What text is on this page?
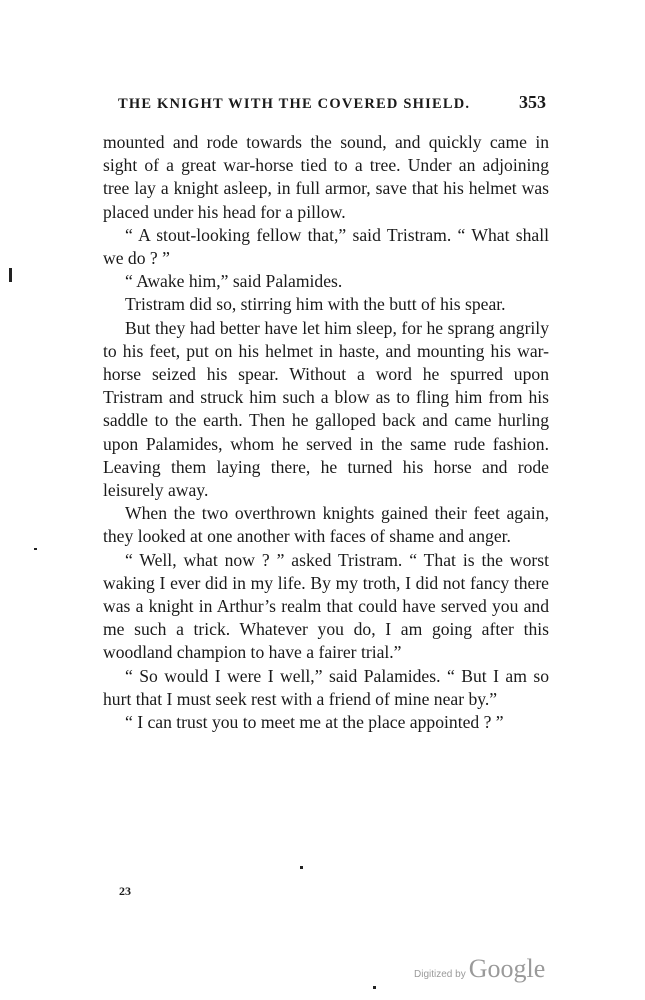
THE KNIGHT WITH THE COVERED SHIELD.	353

mounted and rode towards the sound, and quickly came in sight of a great war-horse tied to a tree. Under an adjoining tree lay a knight asleep, in full armor, save that his helmet was placed under his head for a pillow.

“ A stout-looking fellow that,” said Tristram. “ What shall we do ? ”

“ Awake him,” said Palamides.

Tristram did so, stirring him with the butt of his spear.

But they had better have let him sleep, for he sprang angrily to his feet, put on his helmet in haste, and mounting his war-horse seized his spear. Without a word he spurred upon Tristram and struck him such a blow as to fling him from his saddle to the earth. Then he galloped back and came hurling upon Palamides, whom he served in the same rude fashion. Leaving them laying there, he turned his horse and rode leisurely away.

When the two overthrown knights gained their feet again, they looked at one another with faces of shame and anger.

“ Well, what now ? ” asked Tristram. “ That is the worst waking I ever did in my life. By my troth, I did not fancy there was a knight in Arthur’s realm that could have served you and me such a trick. Whatever you do, I am going after this woodland champion to have a fairer trial.”

“ So would I were I well,” said Palamides. “ But I am so hurt that I must seek rest with a friend of mine near by.”

“ I can trust you to meet me at the place appointed ? ”

23
Digitized by Google
